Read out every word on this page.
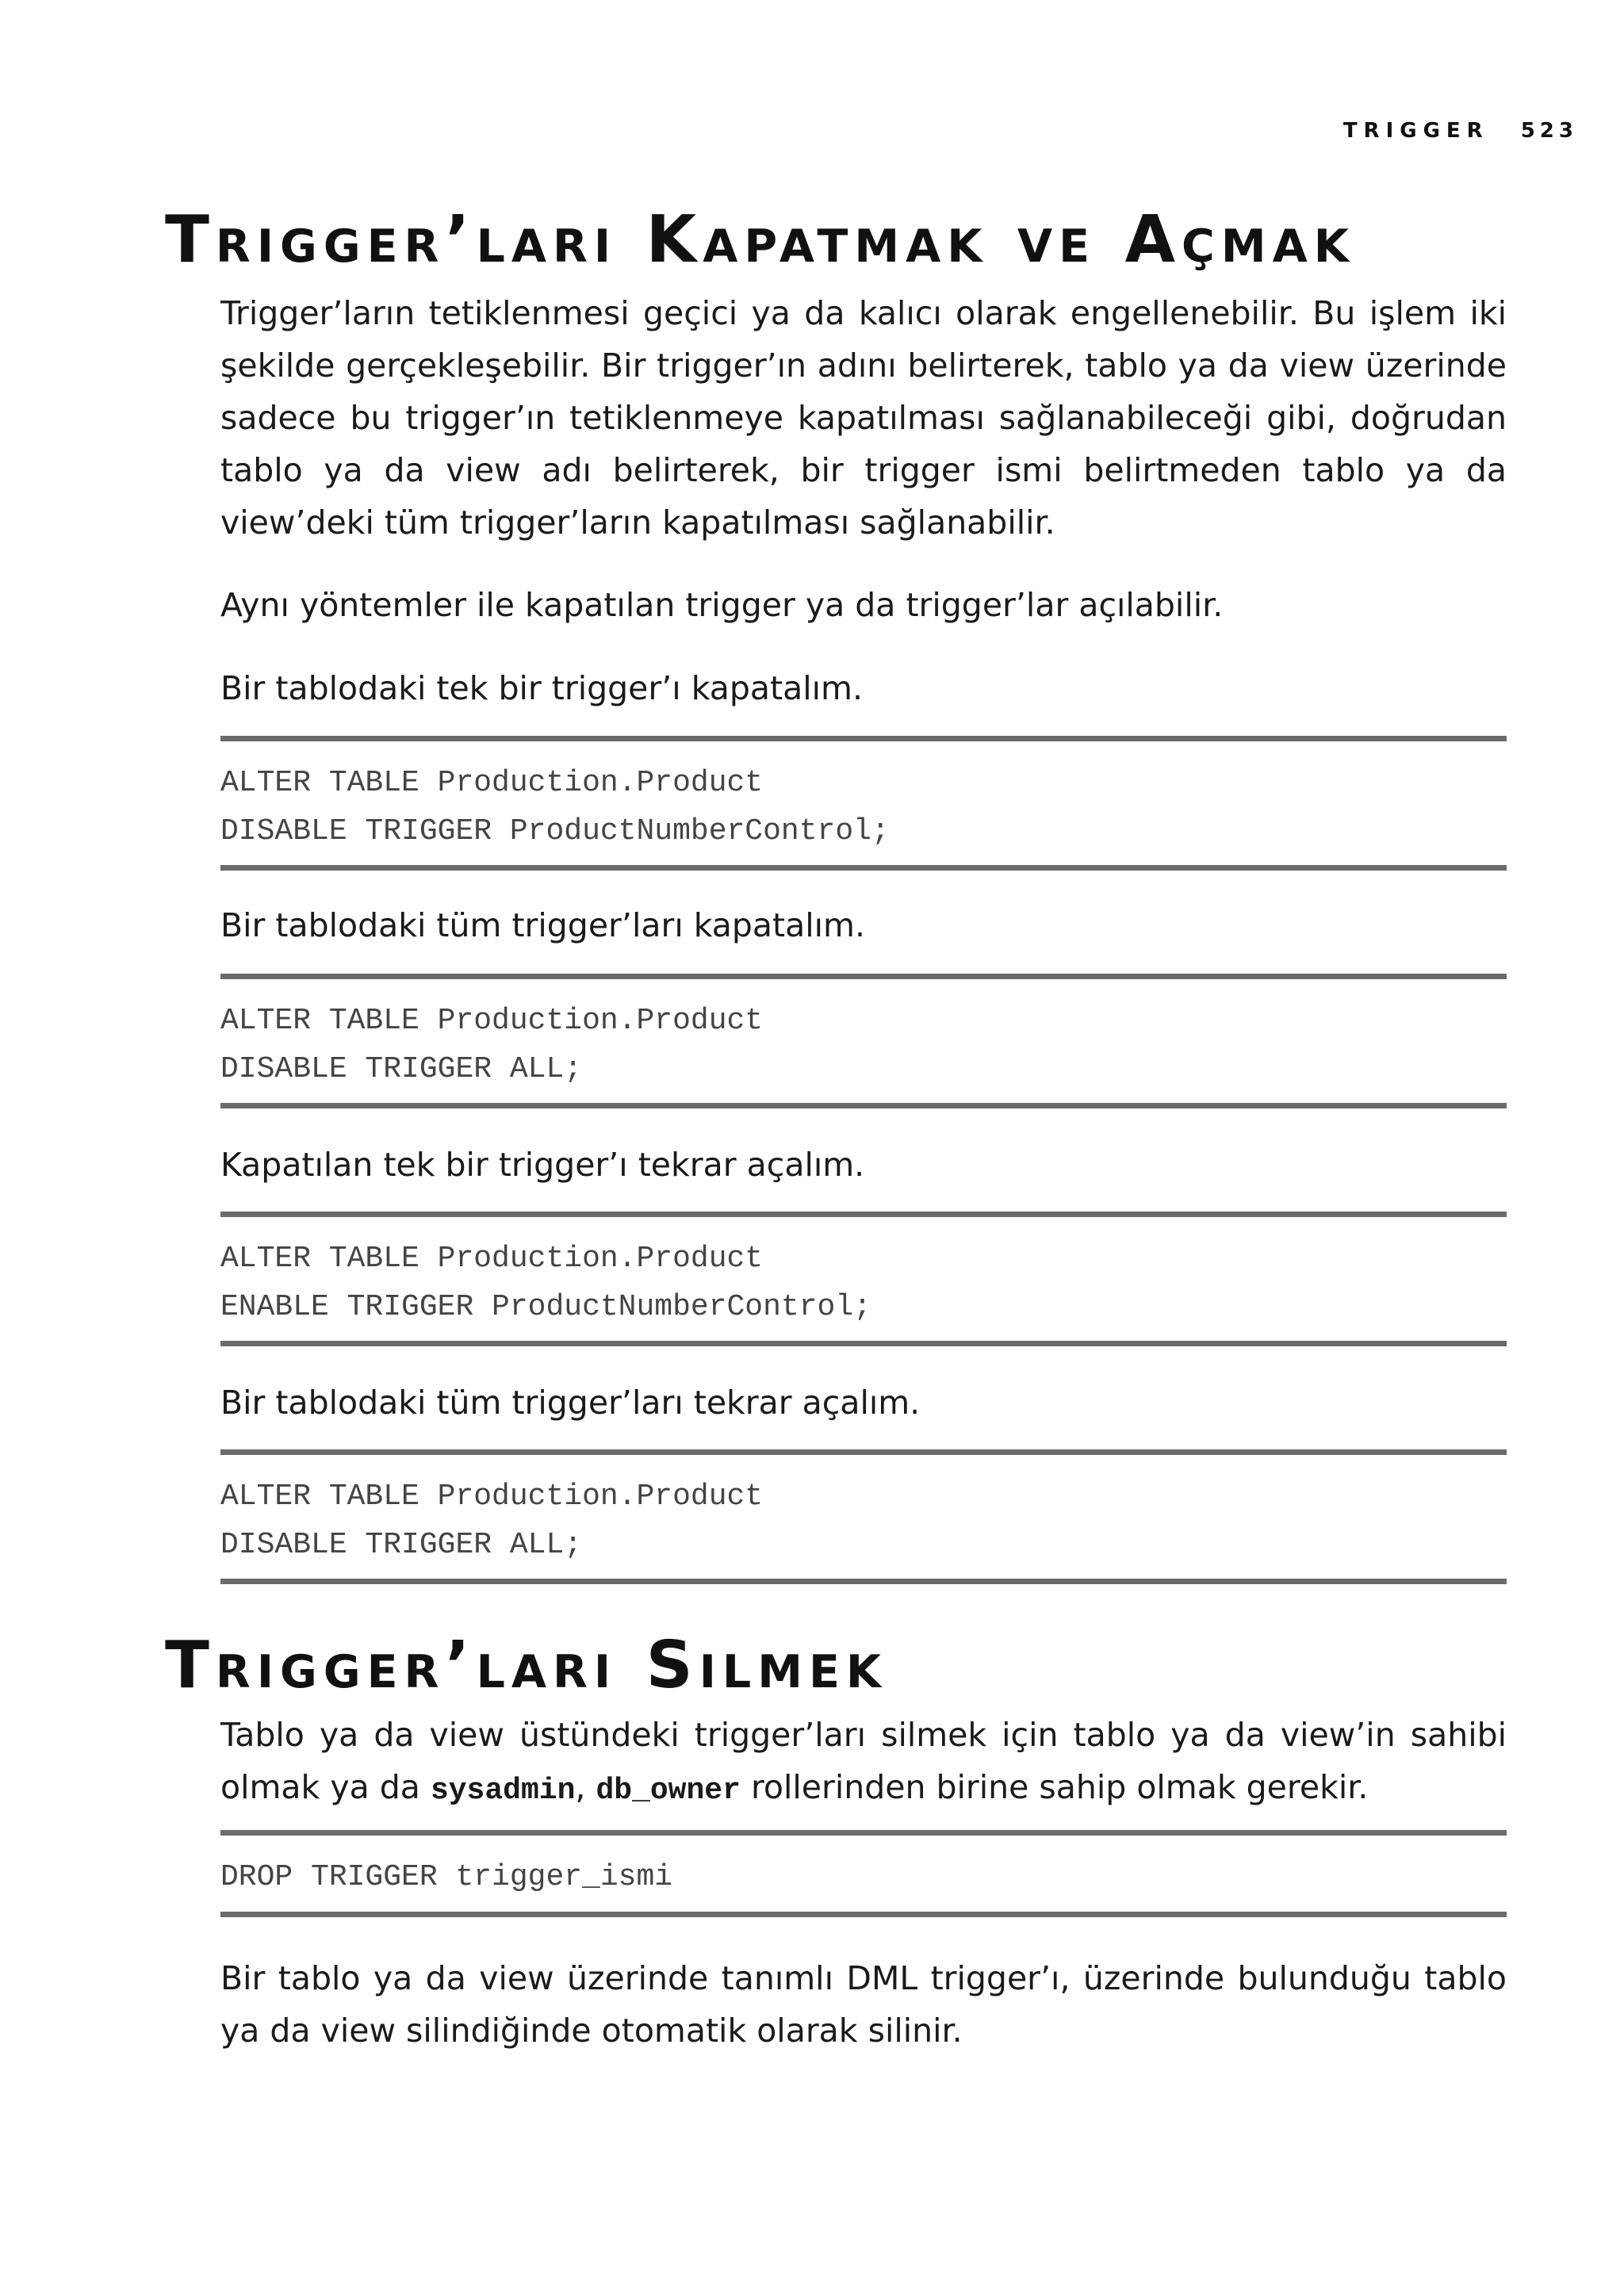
TRIGGER 523
Trigger’ları Kapatmak ve Açmak

Trigger’ların tetiklenmesi geçici ya da kalıcı olarak engellenebilir. Bu işlem iki şekilde gerçekleşebilir. Bir trigger’ın adını belirterek, tablo ya da view üzerinde sadece bu trigger’ın tetiklenmeye kapatılması sağlanabileceği gibi, doğrudan tablo ya da view adı belirterek, bir trigger ismi belirtmeden tablo ya da view’deki tüm trigger’ların kapatılması sağlanabilir.

Aynı yöntemler ile kapatılan trigger ya da trigger’lar açılabilir.

Bir tablodaki tek bir trigger’ı kapatalım.

ALTER TABLE Production.Product
DISABLE TRIGGER ProductNumberControl;

Bir tablodaki tüm trigger’ları kapatalım.

ALTER TABLE Production.Product
DISABLE TRIGGER ALL;

Kapatılan tek bir trigger’ı tekrar açalım.

ALTER TABLE Production.Product
ENABLE TRIGGER ProductNumberControl;

Bir tablodaki tüm trigger’ları tekrar açalım.

ALTER TABLE Production.Product
DISABLE TRIGGER ALL;
Trigger’ları Silmek

Tablo ya da view üstündeki trigger’ları silmek için tablo ya da view’in sahibi olmak ya da sysadmin, db_owner rollerinden birine sahip olmak gerekir.

DROP TRIGGER trigger_ismi

Bir tablo ya da view üzerinde tanımlı DML trigger’ı, üzerinde bulunduğu tablo ya da view silindiğinde otomatik olarak silinir.
